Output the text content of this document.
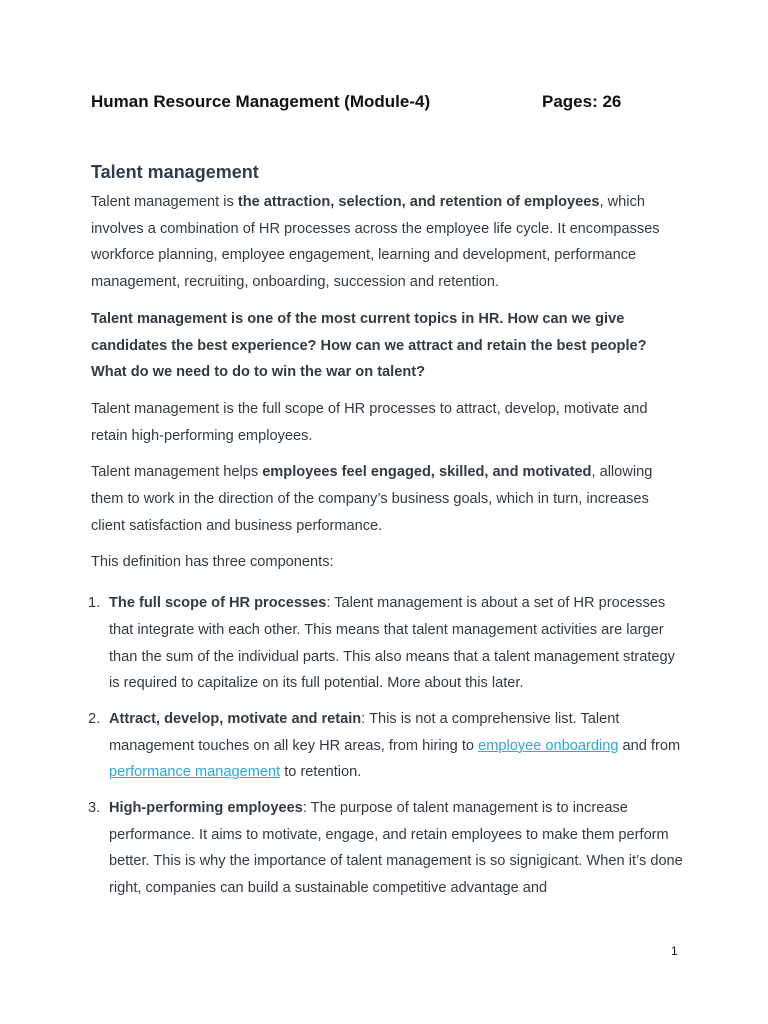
Human Resource Management (Module-4)	Pages: 26
Talent management

Talent management is the attraction, selection, and retention of employees, which involves a combination of HR processes across the employee life cycle. It encompasses workforce planning, employee engagement, learning and development, performance management, recruiting, onboarding, succession and retention.

Talent management is one of the most current topics in HR. How can we give candidates the best experience? How can we attract and retain the best people? What do we need to do to win the war on talent?

Talent management is the full scope of HR processes to attract, develop, motivate and retain high-performing employees.

Talent management helps employees feel engaged, skilled, and motivated, allowing them to work in the direction of the company’s business goals, which in turn, increases client satisfaction and business performance.

This definition has three components:

1. The full scope of HR processes: Talent management is about a set of HR processes that integrate with each other. This means that talent management activities are larger than the sum of the individual parts. This also means that a talent management strategy is required to capitalize on its full potential. More about this later.
2. Attract, develop, motivate and retain: This is not a comprehensive list. Talent management touches on all key HR areas, from hiring to employee onboarding and from performance management to retention.
3. High-performing employees: The purpose of talent management is to increase performance. It aims to motivate, engage, and retain employees to make them perform better. This is why the importance of talent management is so signigicant. When it’s done right, companies can build a sustainable competitive advantage and
1
